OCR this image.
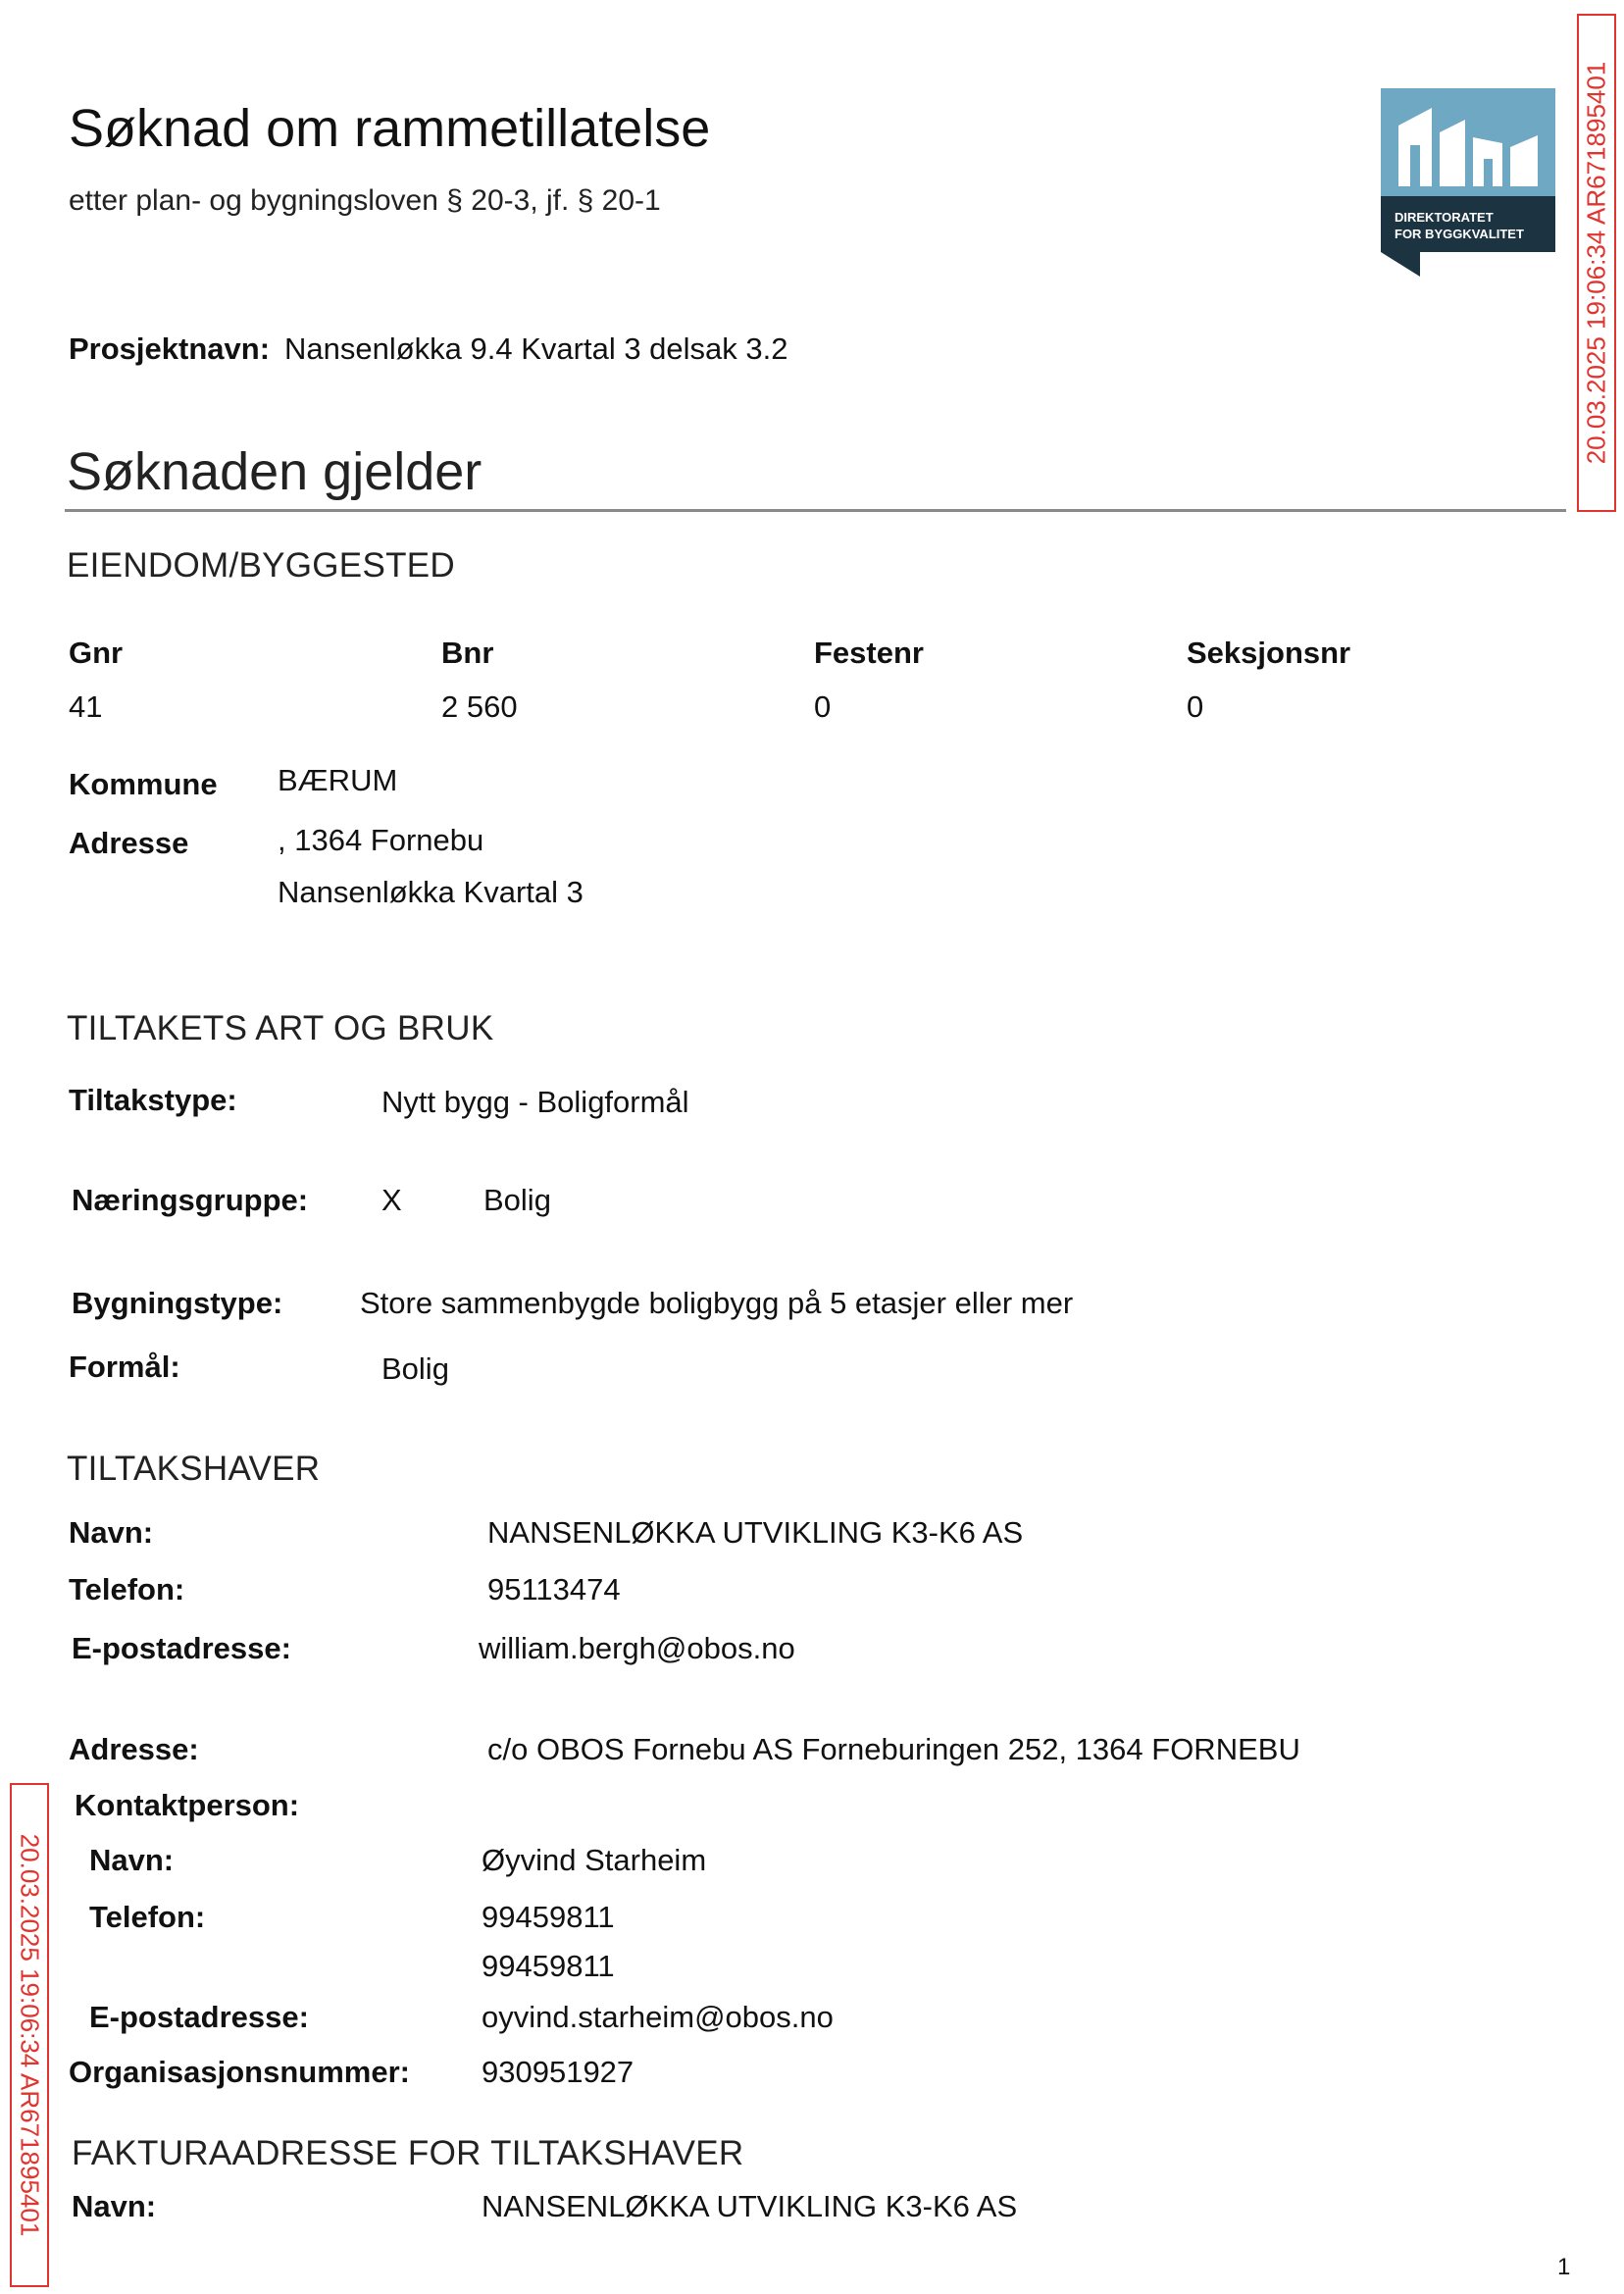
Søknad om rammetillatelse
etter plan- og bygningsloven § 20-3, jf. § 20-1
DIREKTORATET
FOR BYGGKVALITET 20.03.2025 19:06:34 AR671895401
20.03.2025 19:06:34 AR671895401
Prosjektnavn: Nansenløkka 9.4 Kvartal 3 delsak 3.2
Søknaden gjelder
EIENDOM/BYGGESTED
Gnr	Bnr	Festenr	Seksjonsnr
41	2 560	0	0
Kommune BÆRUM
Adresse	, 1364 Fornebu
Nansenløkka Kvartal 3
TILTAKETS ART OG BRUK
Tiltakstype:	Nytt bygg - Boligformål
Næringsgruppe: X	Bolig
Bygningstype:	Store sammenbygde boligbygg på 5 etasjer eller mer
Formål:	Bolig
TILTAKSHAVER
Navn:	NANSENLØKKA UTVIKLING K3-K6 AS
Telefon:	95113474
E-postadresse:	william.bergh@obos.no
Adresse:	c/o OBOS Fornebu AS Forneburingen 252, 1364 FORNEBU
Kontaktperson:
Navn:	Øyvind Starheim
Telefon:	99459811
99459811
E-postadresse:	oyvind.starheim@obos.no
Organisasjonsnummer: 930951927
FAKTURAADRESSE FOR TILTAKSHAVER
Navn:	NANSENLØKKA UTVIKLING K3-K6 AS
1
